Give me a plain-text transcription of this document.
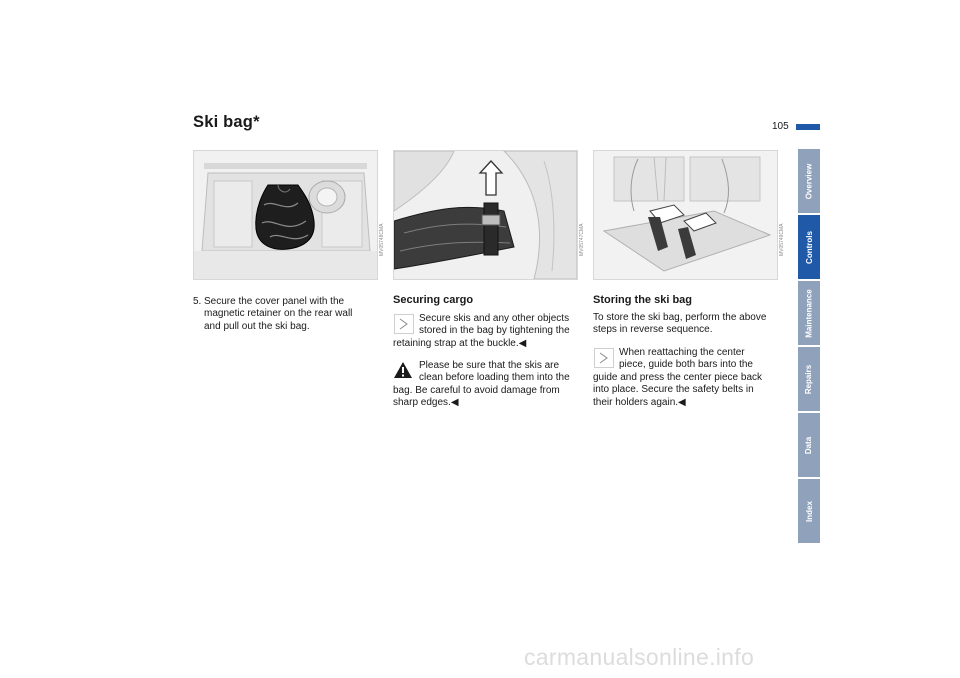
Ski bag*	105
Overview
Controls
Maintenance
Repairs
Data
Index
MV05748CMA	MV05747CMA	MV05749CMA
5. Secure the cover panel with the
magnetic retainer on the rear wall
and pull out the ski bag.
Securing cargo
Secure skis and any other objects
stored in the bag by tightening the
retaining strap at the buckle.◀
Please be sure that the skis are
clean before loading them into the
bag. Be careful to avoid damage from
sharp edges.◀
Storing the ski bag
To store the ski bag, perform the above
steps in reverse sequence.
When reattaching the center
piece, guide both bars into the
guide and press the center piece back
into place. Secure the safety belts in
their holders again.◀
carmanualsonline.info
